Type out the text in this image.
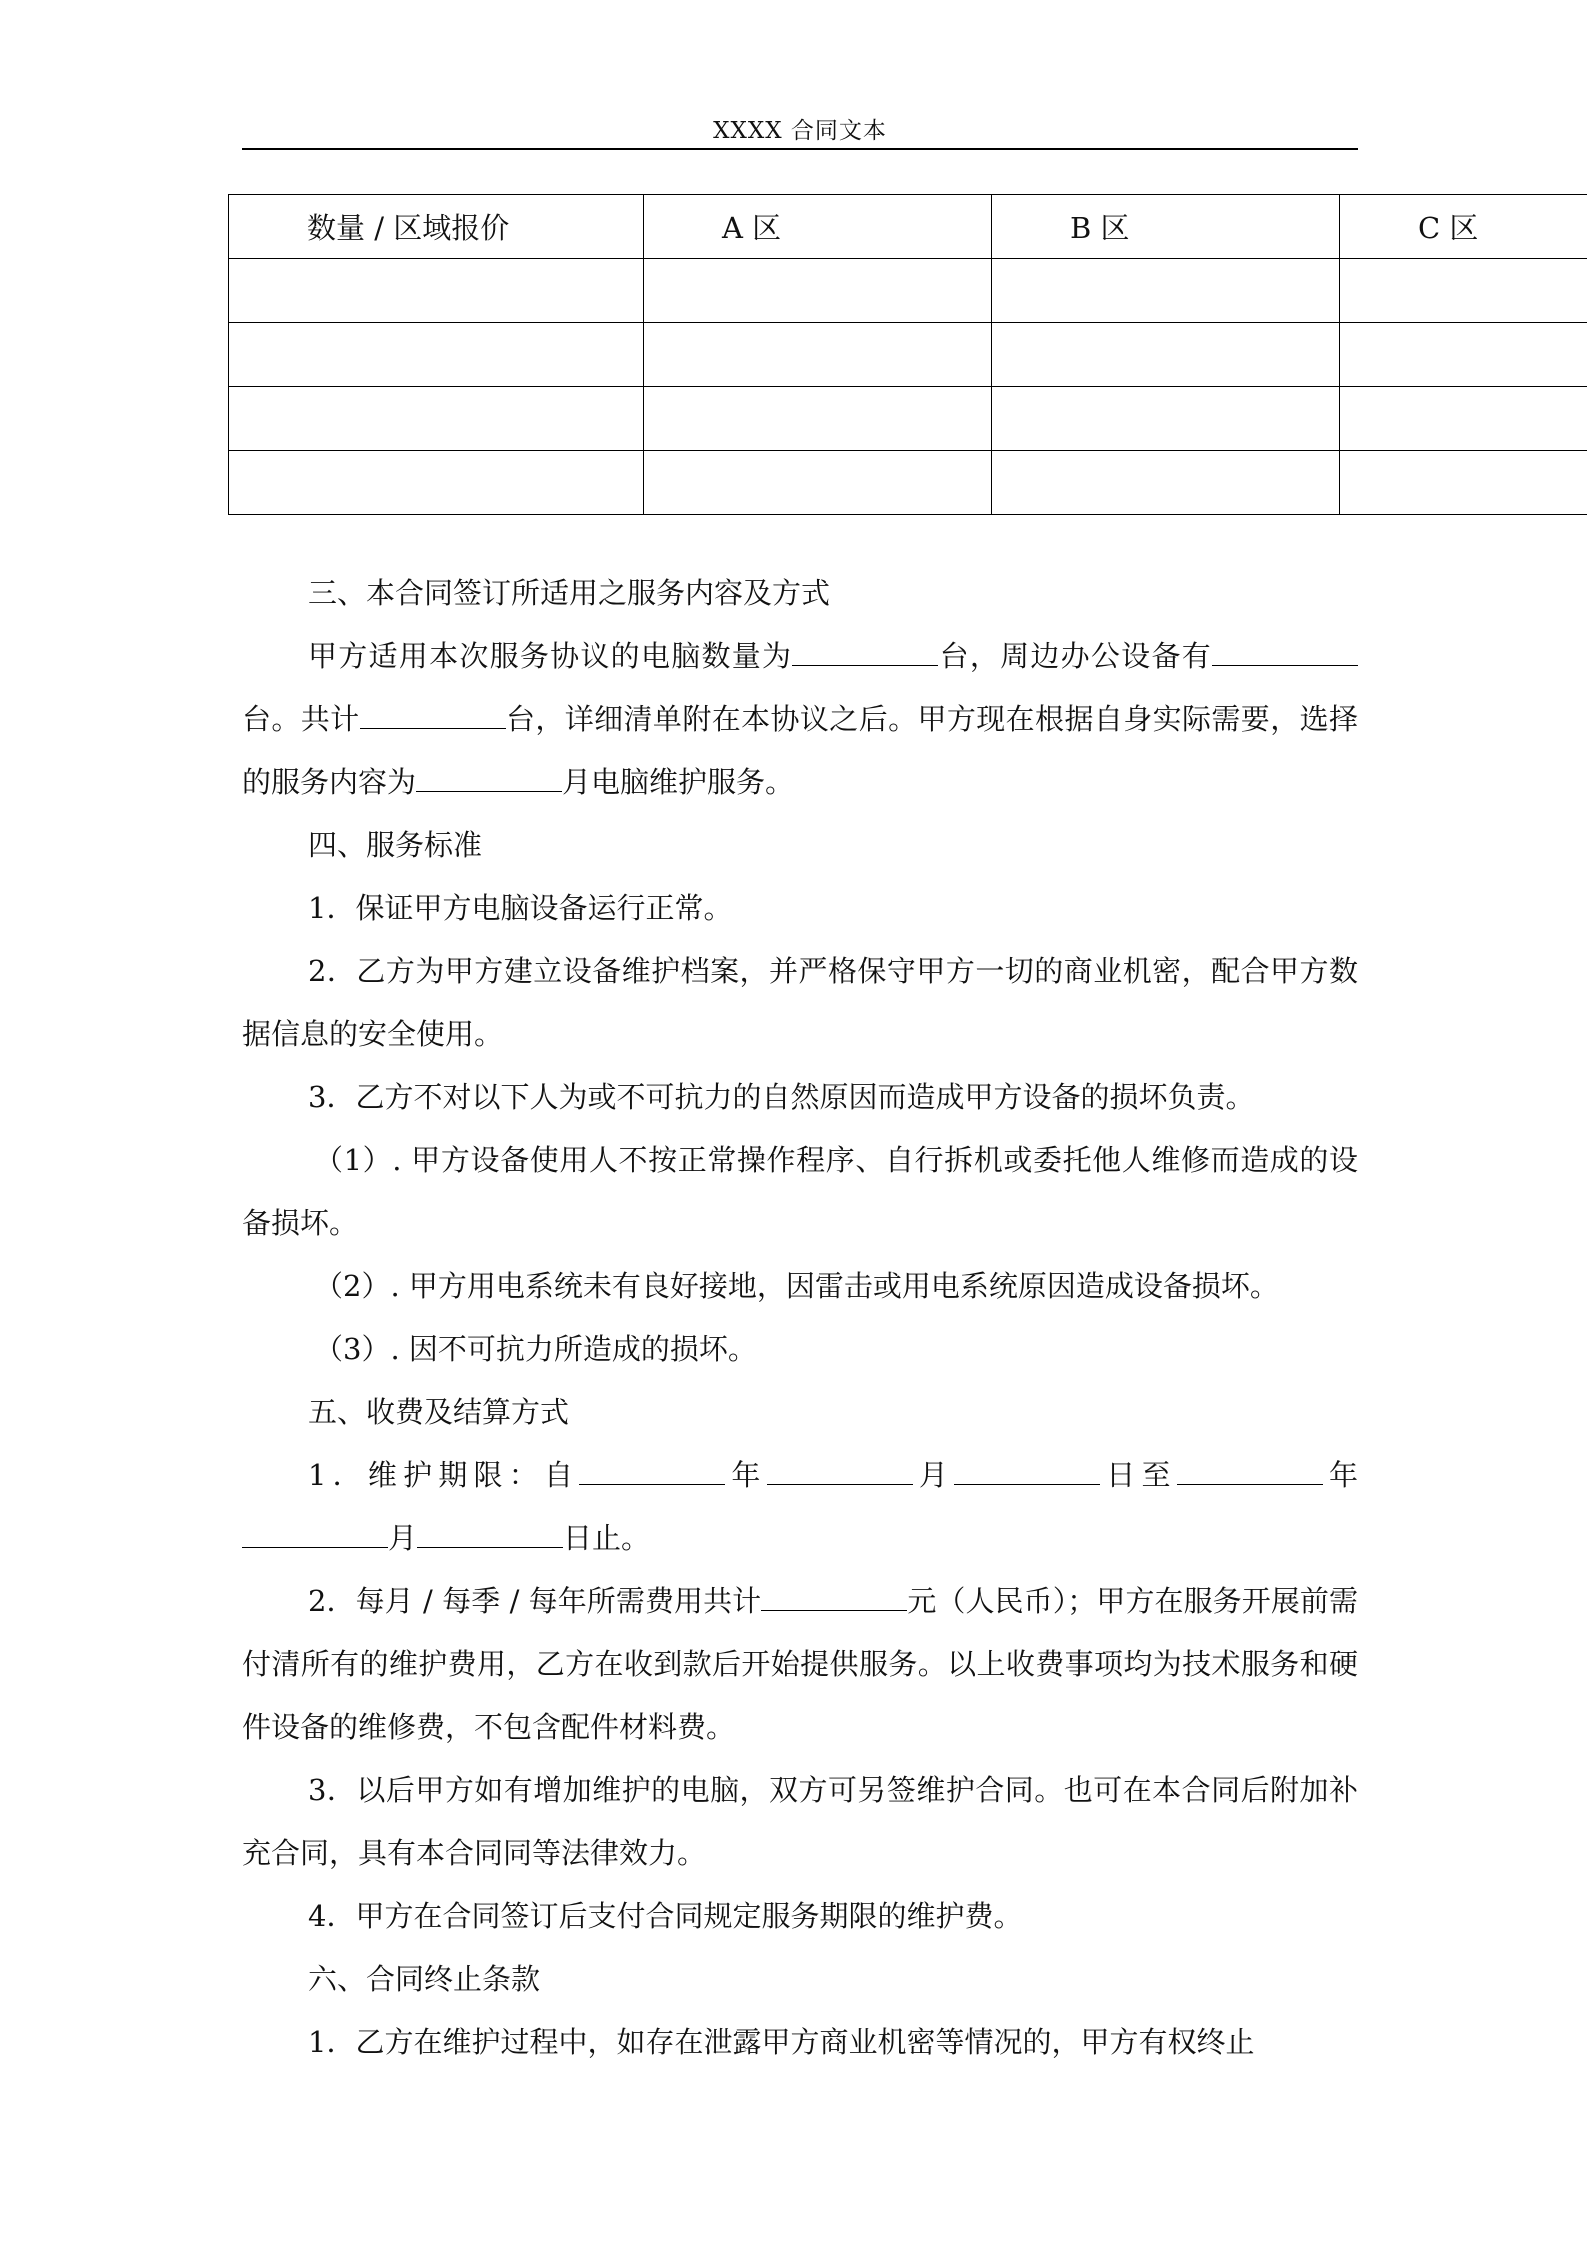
XXXX 合同文本
数量 / 区域报价	A 区	B 区	C 区

三、本合同签订所适用之服务内容及方式

甲方适用本次服务协议的电脑数量为	台，周边办公设备有台。共计	台，详细清单附在本协议之后。甲方现在根据自身实际需要，选择的服务内容为	月电脑维护服务。

四、服务标准

1．保证甲方电脑设备运行正常。

2．乙方为甲方建立设备维护档案，并严格保守甲方一切的商业机密，配合甲方数据信息的安全使用。

3．乙方不对以下人为或不可抗力的自然原因而造成甲方设备的损坏负责。

（1）. 甲方设备使用人不按正常操作程序、自行拆机或委托他人维修而造成的设备损坏。

（2）. 甲方用电系统未有良好接地，因雷击或用电系统原因造成设备损坏。

（3）. 因不可抗力所造成的损坏。

五、收费及结算方式

1．维护期限：自	年	月	日至	年月	日止。

2．每月 / 每季 / 每年所需费用共计	元（人民币）；甲方在服务开展前需付清所有的维护费用，乙方在收到款后开始提供服务。以上收费事项均为技术服务和硬件设备的维修费，不包含配件材料费。

3．以后甲方如有增加维护的电脑，双方可另签维护合同。也可在本合同后附加补充合同，具有本合同同等法律效力。

4．甲方在合同签订后支付合同规定服务期限的维护费。

六、合同终止条款

1．乙方在维护过程中，如存在泄露甲方商业机密等情况的，甲方有权终止
